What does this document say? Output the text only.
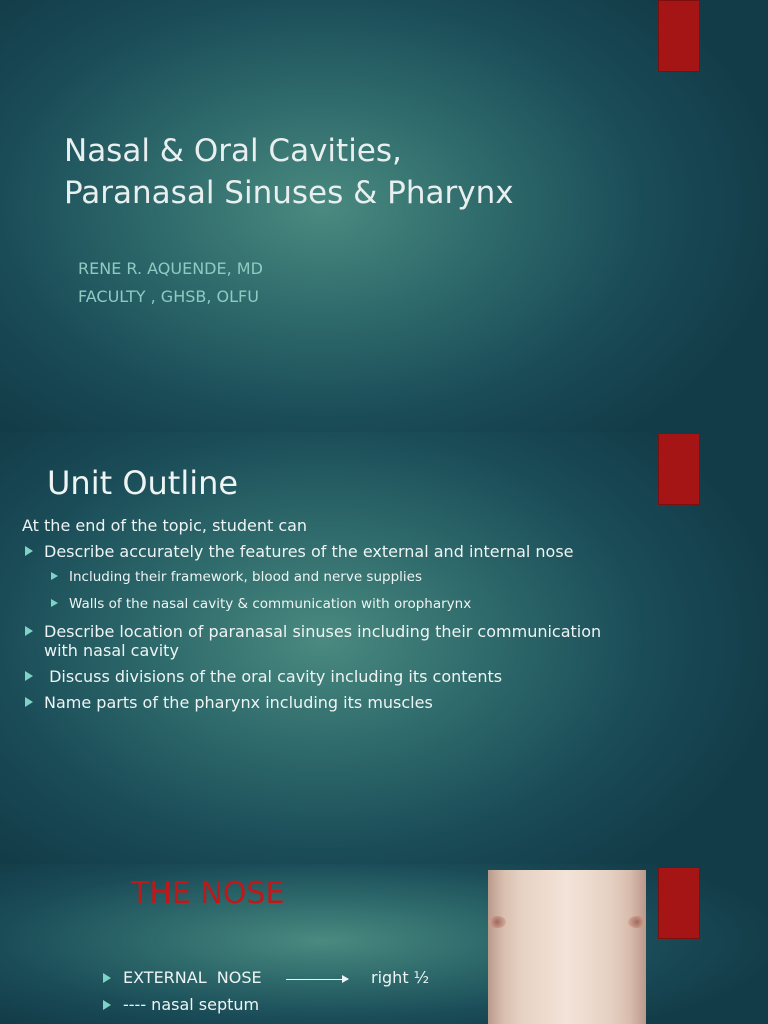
Nasal & Oral Cavities,
Paranasal Sinuses & Pharynx

RENE R. AQUENDE, MD
FACULTY , GHSB, OLFU

Unit Outline

At the end of the topic, student can

Describe accurately the features of the external and internal nose
Including their framework, blood and nerve supplies
Walls of the nasal cavity & communication with oropharynx
Describe location of paranasal sinuses including their communication with nasal cavity
Discuss divisions of the oral cavity including its contents
Name parts of the pharynx including its muscles
THE NOSE
EXTERNAL  NOSE	right ½
---- nasal septum
